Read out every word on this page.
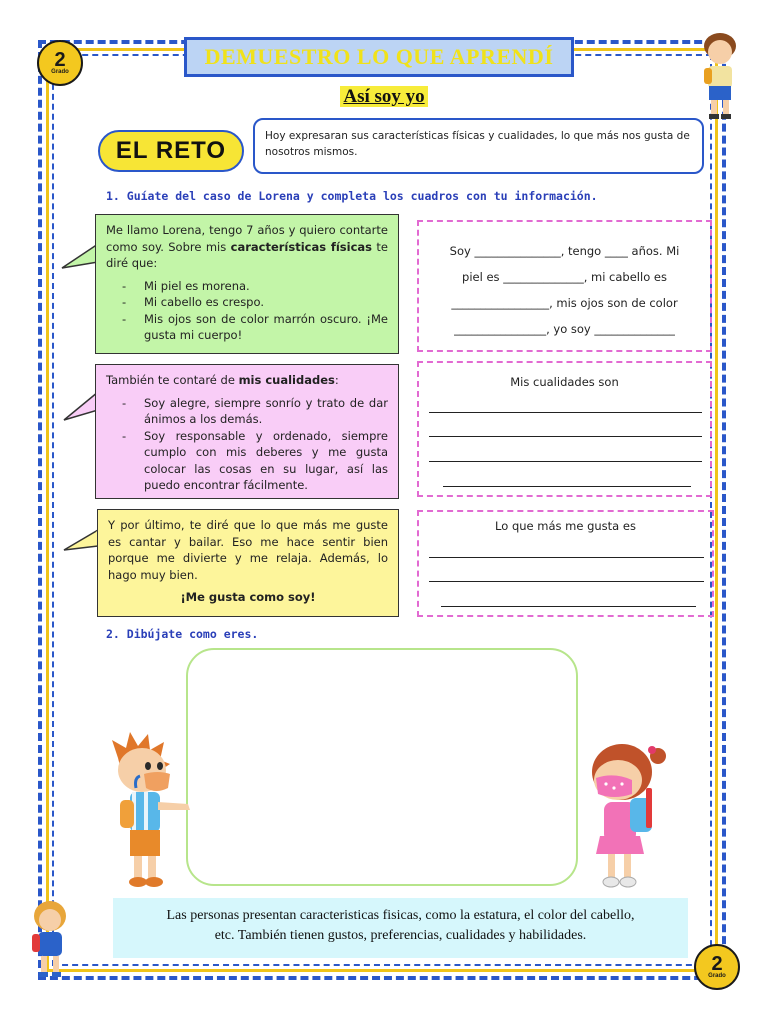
2
Grado
2
Grado
DEMUESTRO LO QUE APRENDÍ
Así soy yo
EL RETO
Hoy expresaran sus características físicas y cualidades, lo que más nos gusta de nosotros mismos.
1. Guíate del caso de Lorena y completa los cuadros con tu información.
Me llamo Lorena, tengo 7 años y quiero contarte como soy. Sobre mis características físicas te diré que:
- Mi piel es morena.
- Mi cabello es crespo.
- Mis ojos son de color marrón oscuro. ¡Me gusta mi cuerpo!
También te contaré de mis cualidades:
- Soy alegre, siempre sonrío y trato de dar ánimos a los demás.
- Soy responsable y ordenado, siempre cumplo con mis deberes y me gusta colocar las cosas en su lugar, así las puedo encontrar fácilmente.
Y por último, te diré que lo que más me guste es cantar y bailar. Eso me hace sentir bien porque me divierte y me relaja. Además, lo hago muy bien.
¡Me gusta como soy!
Soy _______________, tengo ____ años. Mi
piel es ______________, mi cabello es
_________________, mis ojos son de color
________________, yo soy ______________
Mis cualidades son
Lo que más me gusta es
2. Dibújate como eres.
Las personas presentan caracteristicas fisicas, como la estatura, el color del cabello,
etc. También tienen gustos, preferencias, cualidades y habilidades.
